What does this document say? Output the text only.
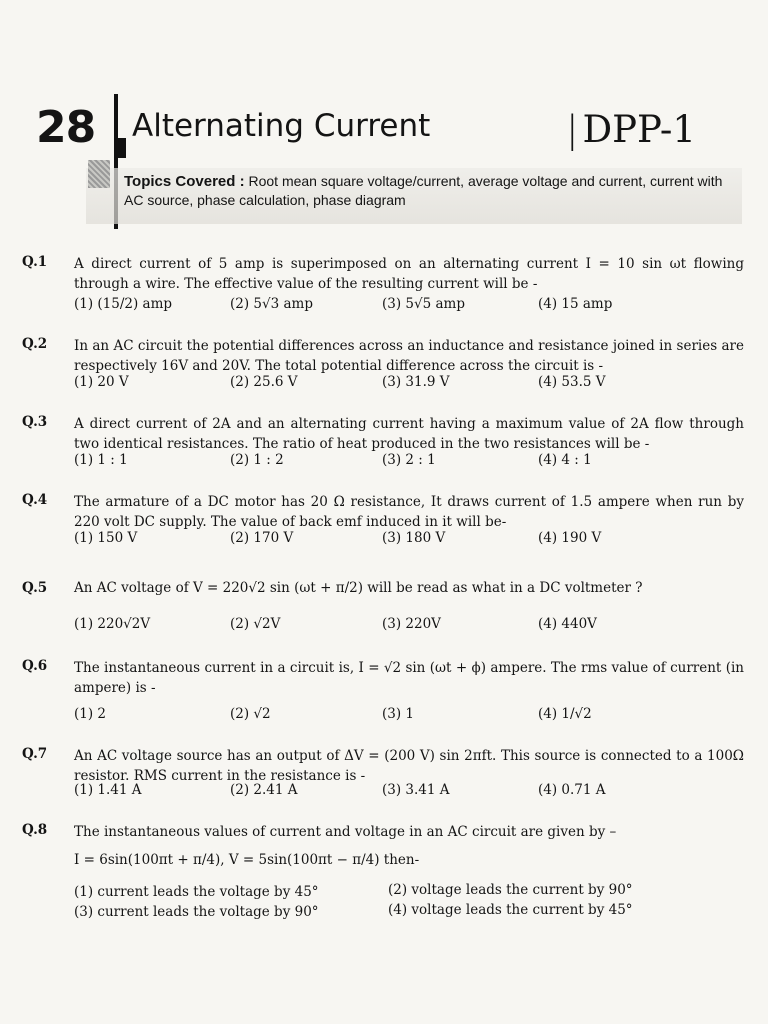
28 Alternating Current	| DPP-1
Topics Covered : Root mean square voltage/current, average voltage and current, current with AC source, phase calculation, phase diagram
Q.1 A direct current of 5 amp is superimposed on an alternating current I = 10 sin ωt flowing through a wire. The effective value of the resulting current will be -
(1) (15/2) amp	(2) 5√3 amp	(3) 5√5 amp	(4) 15 amp
Q.2 In an AC circuit the potential differences across an inductance and resistance joined in series are respectively 16V and 20V. The total potential difference across the circuit is -
(1) 20 V	(2) 25.6 V	(3) 31.9 V	(4) 53.5 V
Q.3 A direct current of 2A and an alternating current having a maximum value of 2A flow through two identical resistances. The ratio of heat produced in the two resistances will be -
(1) 1 : 1	(2) 1 : 2	(3) 2 : 1	(4) 4 : 1
Q.4 The armature of a DC motor has 20 Ω resistance, It draws current of 1.5 ampere when run by 220 volt DC supply. The value of back emf induced in it will be-
(1) 150 V	(2) 170 V	(3) 180 V	(4) 190 V
Q.5 An AC voltage of V = 220√2 sin (ωt + π/2) will be read as what in a DC voltmeter ?
(1) 220√2V	(2) √2V	(3) 220V	(4) 440V
Q.6 The instantaneous current in a circuit is, I = √2 sin (ωt + ϕ) ampere. The rms value of current (in ampere) is -
(1) 2	(2) √2	(3) 1	(4) 1/√2
Q.7 An AC voltage source has an output of ΔV = (200 V) sin 2πft. This source is connected to a 100Ω resistor. RMS current in the resistance is -
(1) 1.41 A	(2) 2.41 A	(3) 3.41 A	(4) 0.71 A
Q.8 The instantaneous values of current and voltage in an AC circuit are given by –
I = 6sin(100πt + π/4), V = 5sin(100πt − π/4) then-
(1) current leads the voltage by 45°	(2) voltage leads the current by 90°
(3) current leads the voltage by 90°	(4) voltage leads the current by 45°
